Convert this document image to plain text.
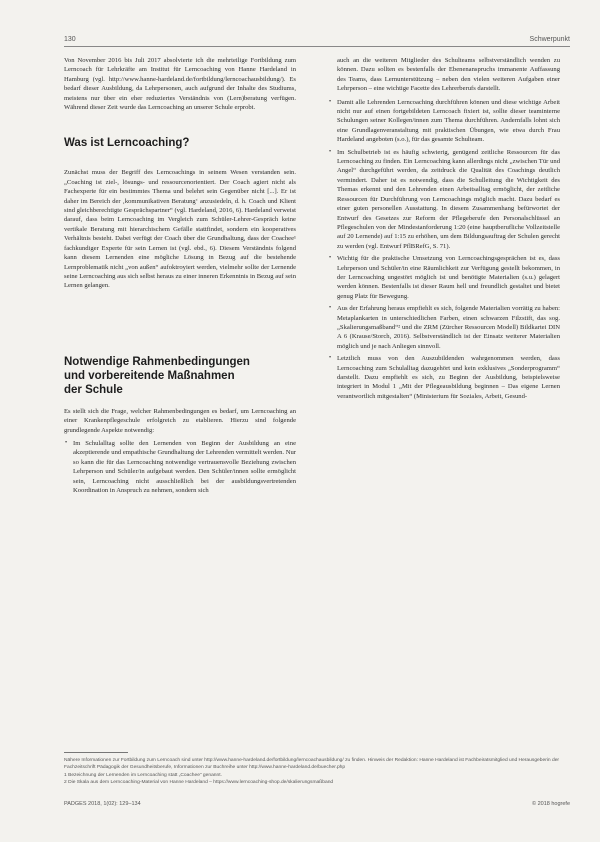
130	Schwerpunkt

Von November 2016 bis Juli 2017 absolvierte ich die mehrteilige Fortbildung zum Lerncoach für Lehrkräfte am Institut für Lerncoaching von Hanne Hardeland in Hamburg (vgl. http://www.hanne-hardeland.de/fortbildung/lerncoachausbildung/). Es bedarf dieser Ausbildung, da Lehrpersonen, auch aufgrund der Inhalte des Studiums, meistens nur über ein eher reduziertes Verständnis von (Lern)beratung verfügen. Während dieser Zeit wurde das Lerncoaching an unserer Schule erprobt.

Was ist Lerncoaching?

Zunächst muss der Begriff des Lerncoachings in seinem Wesen verstanden sein. „Coaching ist ziel-, lösungs- und ressourcenorientiert. Der Coach agiert nicht als Fachexperte für ein bestimmtes Thema und belehrt sein Gegenüber nicht [...]. Er ist daher im Bereich der ‚kommunikativen Beratung‘ anzusiedeln, d. h. Coach und Klient sind gleichberechtigte Gesprächspartner“ (vgl. Hardeland, 2016, 6). Hardeland verweist darauf, dass beim Lerncoaching im Vergleich zum Schüler-Lehrer-Gespräch keine vertikale Beratung mit hierarchischem Gefälle stattfindet, sondern ein kooperatives Verhältnis besteht. Dabei verfügt der Coach über die Grundhaltung, dass der Coachee¹ fachkundiger Experte für sein Lernen ist (vgl. ebd., 6). Diesem Verständnis folgend kann diesem Lernenden eine mögliche Lösung in Bezug auf die bestehende Lernproblematik nicht „von außen“ aufoktroyiert werden, vielmehr sollte der Lernende seine Lerncoaching aus sich selbst heraus zu einer inneren Erkenntnis in Bezug auf sein Lernen gelangen.

Notwendige Rahmenbedingungen
und vorbereitende Maßnahmen
der Schule

Es stellt sich die Frage, welcher Rahmenbedingungen es bedarf, um Lerncoaching an einer Krankenpflegeschule erfolgreich zu etablieren. Hierzu sind folgende grundlegende Aspekte notwendig:

• Im Schulalltag sollte den Lernenden von Beginn der Ausbildung an eine akzeptierende und empathische Grundhaltung der Lehrenden vermittelt werden. Nur so kann die für das Lerncoaching notwendige vertrauensvolle Beziehung zwischen Lehrperson und Schüler/in aufgebaut werden. Den Schüler/innen sollte ermöglicht sein, Lerncoaching nicht ausschließlich bei der ausbildungsvertretenden Koordination in Anspruch zu nehmen, sondern sich

auch an die weiteren Mitglieder des Schulteams selbstverständlich wenden zu können. Dazu sollten es bestenfalls der Ebenenanspruchs immanente Auffassung des Teams, dass Lernunterstützung – neben den vielen weiteren Aufgaben einer Lehrperson – eine wichtige Facette des Lehrerberufs darstellt.

• Damit alle Lehrenden Lerncoaching durchführen können und diese wichtige Arbeit nicht nur auf einen fortgebildeten Lerncoach fixiert ist, sollte dieser teaminterne Schulungen seiner Kollegen/innen zum Thema durchführen. Andernfalls lohnt sich eine Grundlagenveranstaltung mit praktischen Übungen, wie etwa durch Frau Hardeland angeboten (s.o.), für das gesamte Schulteam.
• Im Schulbetrieb ist es häufig schwierig, genügend zeitliche Ressourcen für das Lerncoaching zu finden. Ein Lerncoaching kann allerdings nicht „zwischen Tür und Angel“ durchgeführt werden, da zeitdruck die Qualität des Coachings deutlich vermindert. Daher ist es notwendig, dass die Schulleitung die Wichtigkeit des Themas erkennt und den Lehrenden einen Arbeitsalltag ermöglicht, der zeitliche Ressourcen für Durchführung von Lerncoachings möglich macht. Dazu bedarf es einer guten personellen Ausstattung. In diesem Zusammenhang befürwortet der Entwurf des Gesetzes zur Reform der Pflegeberufe den Personalschlüssel an Pflegeschulen von der Mindestanforderung 1:20 (eine hauptberufliche Vollzeitstelle auf 20 Lernende) auf 1:15 zu erhöhen, um dem Bildungsauftrag der Schulen gerecht zu werden (vgl. Entwurf PflBRefG, S. 71).
• Wichtig für die praktische Umsetzung von Lerncoachingsgesprächen ist es, dass Lehrperson und Schüler/in eine Räumlichkeit zur Verfügung gestellt bekommen, in der Lerncoaching ungestört möglich ist und benötigte Materialien (s.u.) gelagert werden können. Bestenfalls ist dieser Raum hell und freundlich gestaltet und bietet genug Platz für Bewegung.
• Aus der Erfahrung heraus empfiehlt es sich, folgende Materialien vorrätig zu haben: Metaplankarten in unterschiedlichen Farben, einen schwarzen Filzstift, das sog. „Skalierungsmaßband“² und die ZRM (Zürcher Ressourcen Modell) Bildkartei DIN A 6 (Krause/Storch, 2016). Selbstverständlich ist der Einsatz weiterer Materialien möglich und je nach Anliegen sinnvoll.
• Letztlich muss von den Auszubildenden wahrgenommen werden, dass Lerncoaching zum Schulalltag dazugehört und kein exklusives „Sonderprogramm“ darstellt. Dazu empfiehlt es sich, zu Beginn der Ausbildung, beispielsweise integriert in Modul 1 „Mit der Pflegeausbildung beginnen – Das eigene Lernen verantwortlich mitgestalten“ (Ministerium für Soziales, Arbeit, Gesund-
Nähere Informationen zur Fortbildung zum Lerncoach sind unter http://www.hanne-hardeland.de/fortbildung/lerncoachausbildung/ zu finden. Hinweis der Redaktion: Hanne Hardeland ist Fachbeiratsmitglied und Herausgeberin der Fachzeitschrift Pädagogik der Gesundheitsberufe, Informationen zur Buchreihe unter http://www.hanne-hardeland.de/buecher.php
1 Bezeichnung der Lernenden im Lerncoaching statt „Coachee“ genannt.
2 Die Skala aus dem Lerncoaching-Material von Hanne Hardeland – https://www.lerncoaching-shop.de/skalierungsmaßband
PADGES 2018, 1(02): 129–134	© 2018 hogrefe
